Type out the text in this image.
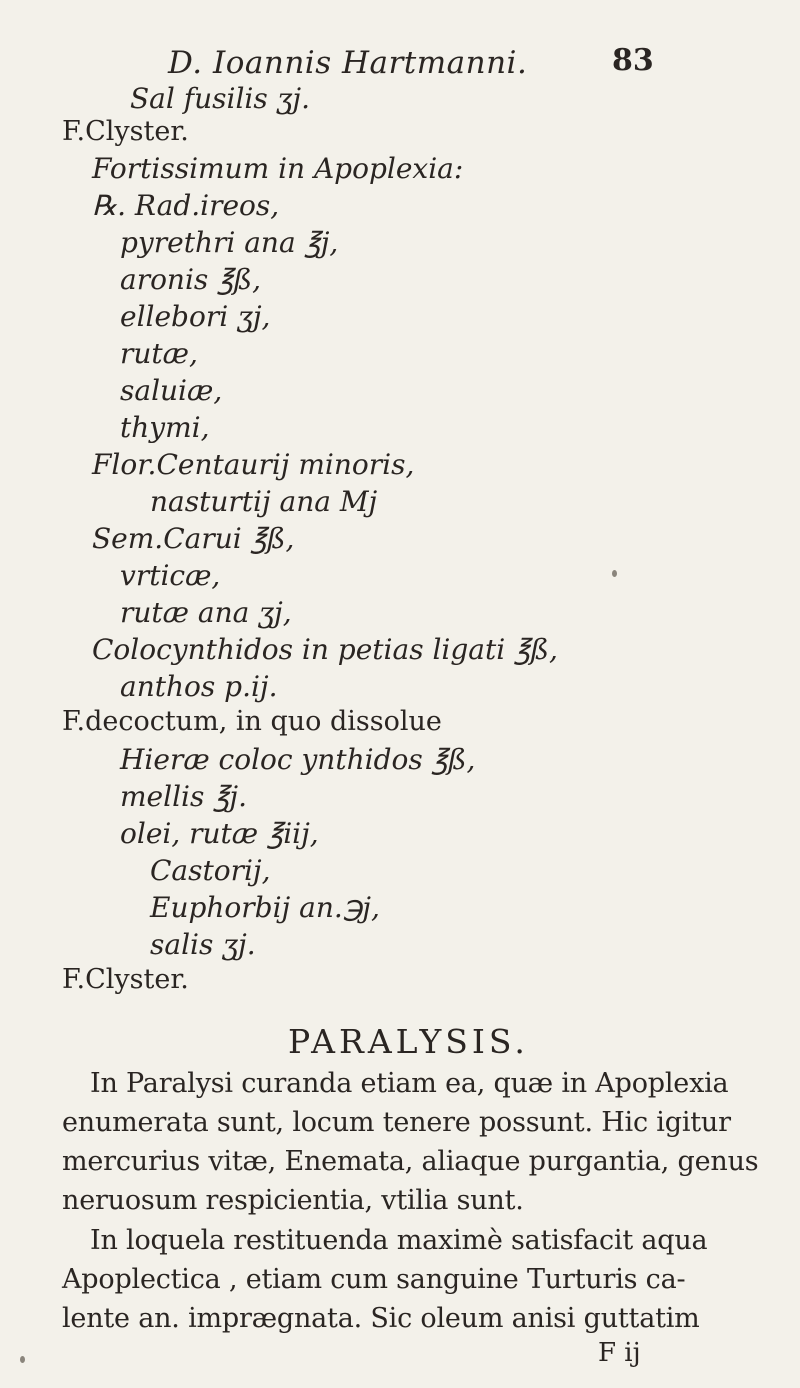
D. Ioannis Hartmanni.	83
Sal fusilis ʒj.
F.Clyster.
Fortissimum in Apoplexia:
℞. Rad.ireos,
pyrethri ana ℥j,
aronis ℥ß,
ellebori ʒj,
rutæ,
saluiæ,
thymi,
Flor.Centaurij minoris,
nasturtij ana Mj
Sem.Carui ℥ß,
vrticæ,
rutæ ana ʒj,
Colocynthidos in petias ligati ℥ß,
anthos p.ij.
F.decoctum, in quo dissolue
Hieræ coloc ynthidos ℥ß,
mellis ℥j.
olei, rutæ ℥iij,
Castorij,
Euphorbij an.℈j,
salis ʒj.
F.Clyster.
PARALYSIS.
In Paralysi curanda etiam ea, quæ in Apoplexia
enumerata sunt, locum tenere possunt. Hic igitur
mercurius vitæ, Enemata, aliaque purgantia, genus
neruosum respicientia, vtilia sunt.
In loquela restituenda maximè satisfacit aqua
Apoplectica , etiam cum sanguine Turturis ca-
lente an. imprægnata. Sic oleum anisi guttatim
F ij
